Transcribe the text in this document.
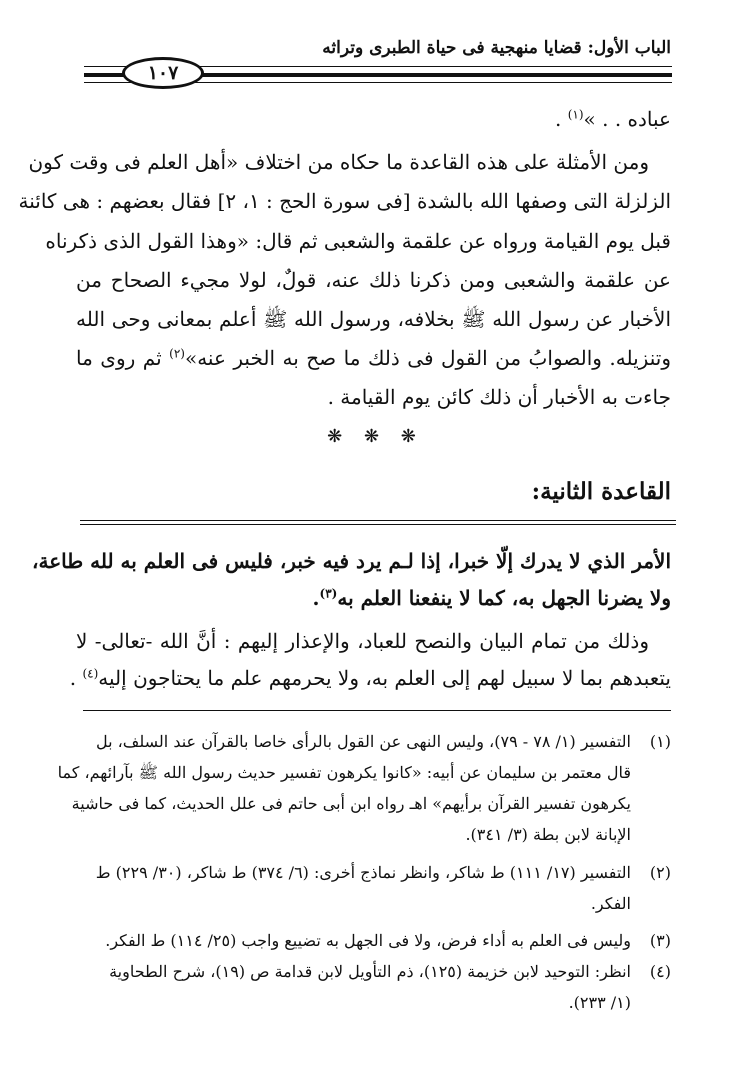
الباب الأول: قضايا منهجية فى حياة الطبرى وتراثه
١٠٧
عباده . . »$^{(١)}$ .
ومن الأمثلة على هذه القاعدة ما حكاه من اختلاف «أهل العلم فى وقت كون
الزلزلة التى وصفها الله بالشدة [فى سورة الحج : ١، ٢] فقال بعضهم : هى كائنة
قبل يوم القيامة ورواه عن علقمة والشعبى ثم قال: «وهذا القول الذى ذكرناه
عن علقمة والشعبى ومن ذكرنا ذلك عنه، قولٌ، لولا مجيء الصحاح من
الأخبار عن رسول الله ﷺ بخلافه، ورسول الله ﷺ أعلم بمعانى وحى الله
وتنزيله. والصوابُ من القول فى ذلك ما صح به الخبر عنه»$^{(٢)}$ ثم روى ما
جاءت به الأخبار أن ذلك كائن يوم القيامة .
❋ ❋ ❋
القاعدة الثانية:
الأمر الذي لا يدرك إلّا خبرا، إذا لـم يرد فيه خبر، فليس فى العلم به لله طاعة،
ولا يضرنا الجهل به، كما لا ينفعنا العلم به$^{(٣)}$.
وذلك من تمام البيان والنصح للعباد، والإعذار إليهم : أنَّ الله -تعالى- لا
يتعبدهم بما لا سبيل لهم إلى العلم به، ولا يحرمهم علم ما يحتاجون إليه$^{(٤)}$ .
(١)التفسير (١/ ٧٨ - ٧٩)، وليس النهى عن القول بالرأى خاصا بالقرآن عند السلف، بل
قال معتمر بن سليمان عن أبيه: «كانوا يكرهون تفسير حديث رسول الله ﷺ بآرائهم، كما
يكرهون تفسير القرآن برأيهم» اهـ رواه ابن أبى حاتم فى علل الحديث، كما فى حاشية
الإبانة لابن بطة (٣/ ٣٤١).
(٢)التفسير (١٧/ ١١١) ط شاكر، وانظر نماذج أخرى: (٦/ ٣٧٤) ط شاكر، (٣٠/ ٢٢٩) ط
الفكر.
(٣)وليس فى العلم به أداء فرض، ولا فى الجهل به تضييع واجب (٢٥/ ١١٤) ط الفكر.
(٤)انظر: التوحيد لابن خزيمة (١٢٥)، ذم التأويل لابن قدامة ص (١٩)، شرح الطحاوية
(١/ ٢٣٣).
